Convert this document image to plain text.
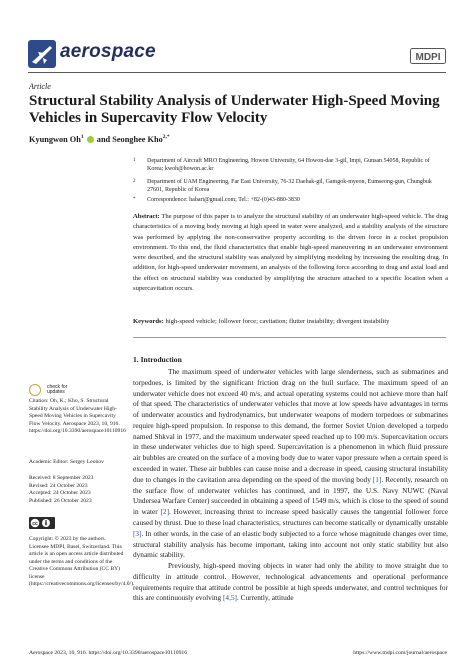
aerospace	MDPI
Article
Structural Stability Analysis of Underwater High-Speed Moving Vehicles in Supercavity Flow Velocity
Kyungwon Oh$^1$  and Seonghee Kho$^{2,*}$
1 Department of Aircraft MRO Engineering, Howon University, 64 Howon-dae 3-gil, Impi, Gunsan 54058, Republic of Korea; kwoh@howon.ac.kr
2 Department of UAM Engineering, Far East University, 76-32 Daehak-gil, Gamgok-myeon, Eumseong-gun, Chungbuk 27601, Republic of Korea
* Correspondence: habari@gmail.com; Tel.: +82-(0)43-880-3830
Abstract: The purpose of this paper is to analyze the structural stability of an underwater high-speed vehicle. The drag characteristics of a moving body moving at high speed in water were analyzed, and a stability analysis of the structure was performed by applying the non-conservative property according to the driven force in a rocket propulsion environment. To this end, the fluid characteristics that enable high-speed maneuvering in an underwater environment were described, and the structural stability was analyzed by simplifying modeling by increasing the resulting drag. In addition, for high-speed underwater movement, an analysis of the following force according to drag and axial load and the effect on structural stability was conducted by simplifying the structure attached to a specific location when a supercavitation occurs.
Keywords: high-speed vehicle; follower force; cavitation; flutter instability; divergent instability
check for
updates
Citation: Oh, K.; Kho, S. Structural Stability Analysis of Underwater High-Speed Moving Vehicles in Supercavity Flow Velocity. Aerospace 2023, 10, 916. https://doi.org/10.3390/aerospace10110916
Academic Editor: Sergey Leonov
Received: 8 September 2023
Revised: 24 October 2023
Accepted: 24 October 2023
Published: 26 October 2023
cc
Copyright: © 2023 by the authors. Licensee MDPI, Basel, Switzerland. This article is an open access article distributed under the terms and conditions of the Creative Commons Attribution (CC BY) license (https://creativecommons.org/licenses/by/4.0/).
1. Introduction

The maximum speed of underwater vehicles with large slenderness, such as submarines and torpedoes, is limited by the significant friction drag on the hull surface. The maximum speed of an underwater vehicle does not exceed 40 m/s, and actual operating systems could not achieve more than half of that speed. The characteristics of underwater vehicles that move at low speeds have advantages in terms of underwater acoustics and hydrodynamics, but underwater weapons of modern torpedoes or submarines require high-speed propulsion. In response to this demand, the former Soviet Union developed a torpedo named Shkval in 1977, and the maximum underwater speed reached up to 100 m/s. Supercavitation occurs in these underwater vehicles due to high speed. Supercavitation is a phenomenon in which fluid pressure air bubbles are created on the surface of a moving body due to water vapor pressure when a certain speed is exceeded in water. These air bubbles can cause noise and a decrease in speed, causing structural instability due to changes in the cavitation area depending on the speed of the moving body [1]. Recently, research on the surface flow of underwater vehicles has continued, and in 1997, the U.S. Navy NUWC (Naval Undersea Warfare Center) succeeded in obtaining a speed of 1549 m/s, which is close to the speed of sound in water [2]. However, increasing thrust to increase speed basically causes the tangential follower force caused by thrust. Due to these load characteristics, structures can become statically or dynamically unstable [3]. In other words, in the case of an elastic body subjected to a force whose magnitude changes over time, structural stability analysis has become important, taking into account not only static stability but also dynamic stability.

Previously, high-speed moving objects in water had only the ability to move straight due to difficulty in attitude control. However, technological advancements and operational performance requirements require that attitude control be possible at high speeds underwater, and control techniques for this are continuously evolving [4,5]. Currently, attitude

Aerospace 2023, 10, 916. https://doi.org/10.3390/aerospace10110916	https://www.mdpi.com/journal/aerospace
